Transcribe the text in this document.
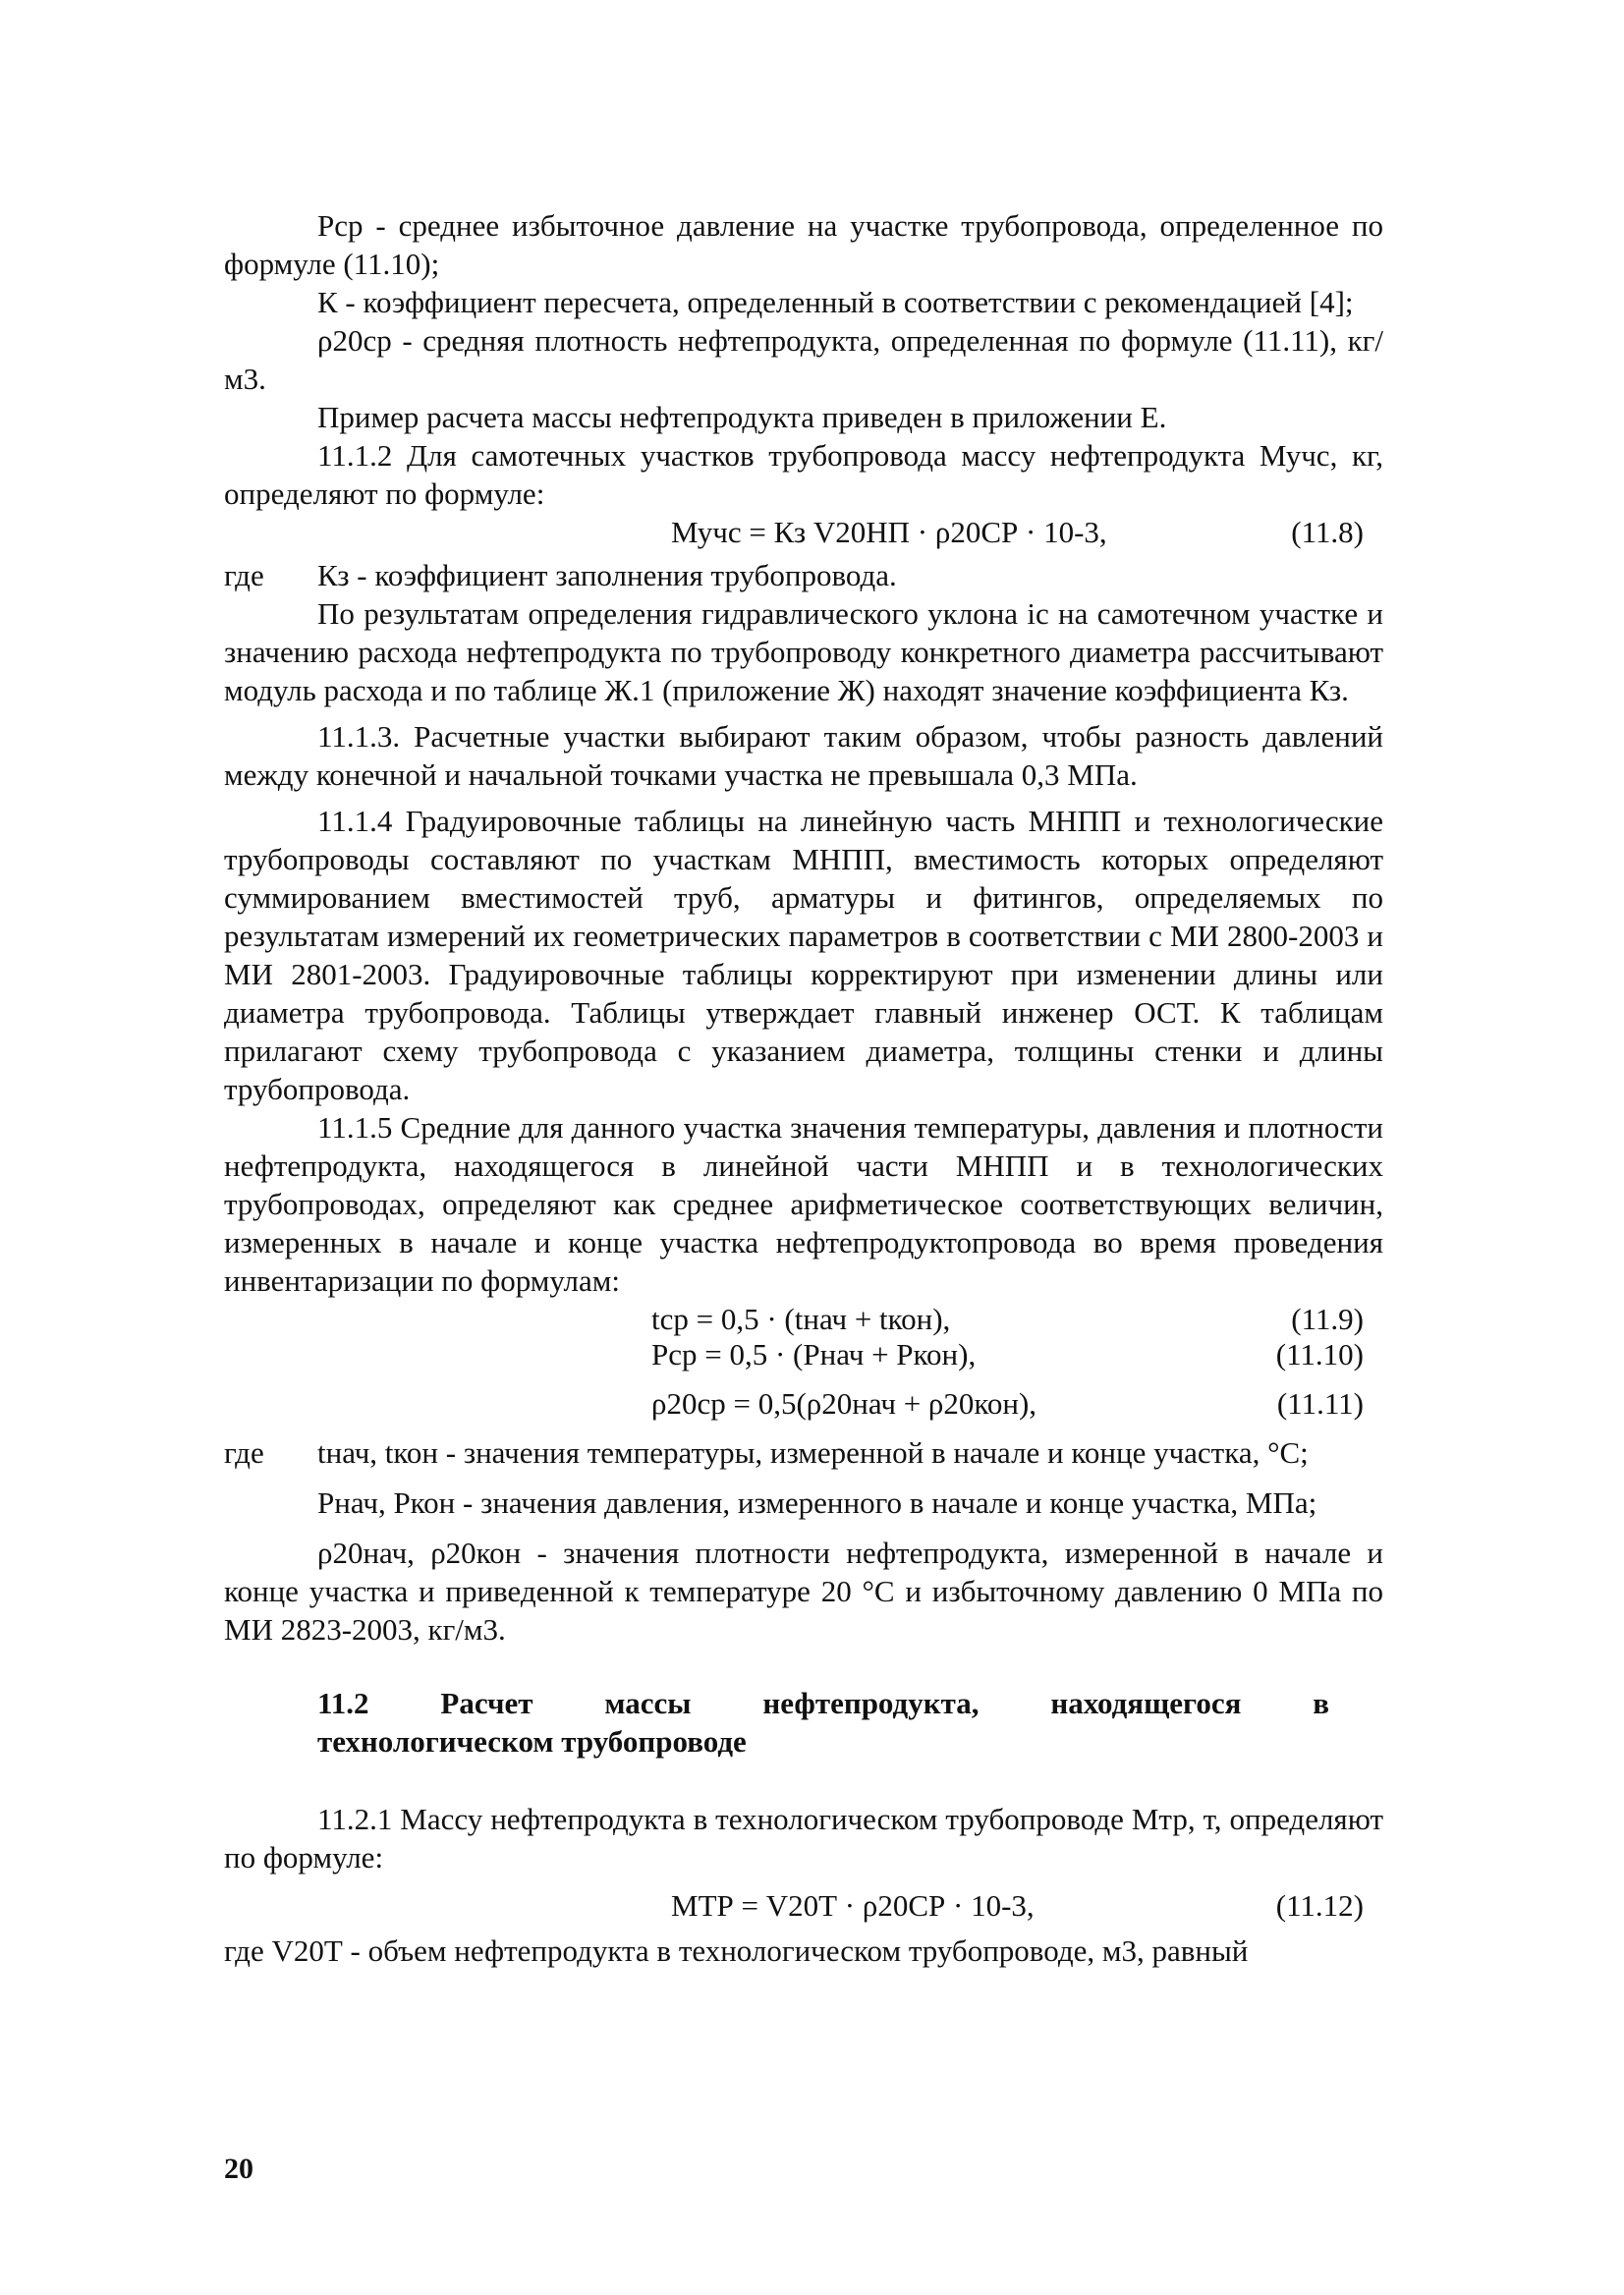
Pср - среднее избыточное давление на участке трубопровода, определенное по формуле (11.10);

К - коэффициент пересчета, определенный в соответствии с рекомендацией [4];

ρ20ср - средняя плотность нефтепродукта, определенная по формуле (11.11), кг/м3.

Пример расчета массы нефтепродукта приведен в приложении Е.

11.1.2 Для самотечных участков трубопровода массу нефтепродукта Мучс, кг, определяют по формуле:

Мучс = Кз V20НП · ρ20СР · 10-3,	(11.8)
где	Кз - коэффициент заполнения трубопровода.

По результатам определения гидравлического уклона iс на самотечном участке и значению расхода нефтепродукта по трубопроводу конкретного диаметра рассчитывают модуль расхода и по таблице Ж.1 (приложение Ж) находят значение коэффициента Кз.

11.1.3. Расчетные участки выбирают таким образом, чтобы разность давлений между конечной и начальной точками участка не превышала 0,3 МПа.

11.1.4 Градуировочные таблицы на линейную часть МНПП и технологические трубопроводы составляют по участкам МНПП, вместимость которых определяют суммированием вместимостей труб, арматуры и фитингов, определяемых по результатам измерений их геометрических параметров в соответствии с МИ 2800-2003 и МИ 2801-2003. Градуировочные таблицы корректируют при изменении длины или диаметра трубопровода. Таблицы утверждает главный инженер ОСТ. К таблицам прилагают схему трубопровода с указанием диаметра, толщины стенки и длины трубопровода.

11.1.5 Средние для данного участка значения температуры, давления и плотности нефтепродукта, находящегося в линейной части МНПП и в технологических трубопроводах, определяют как среднее арифметическое соответствующих величин, измеренных в начале и конце участка нефтепродуктопровода во время проведения инвентаризации по формулам:

tср = 0,5 · (tнач + tкон),	(11.9)
Pср = 0,5 · (Pнач + Pкон),	(11.10)
ρ20ср = 0,5(ρ20нач + ρ20кон),	(11.11)
где	tнач, tкон - значения температуры, измеренной в начале и конце участка, °С;

Pнач, Pкон - значения давления, измеренного в начале и конце участка, МПа;

ρ20нач, ρ20кон - значения плотности нефтепродукта, измеренной в начале и конце участка и приведенной к температуре 20 °С и избыточному давлению 0 МПа по МИ 2823-2003, кг/м3.

11.2 Расчет массы нефтепродукта, находящегося в
технологическом трубопроводе

11.2.1 Массу нефтепродукта в технологическом трубопроводе Мтр, т, определяют по формуле:

МТР = V20Т · ρ20СР · 10-3,	(11.12)

где V20Т - объем нефтепродукта в технологическом трубопроводе, м3, равный

20
